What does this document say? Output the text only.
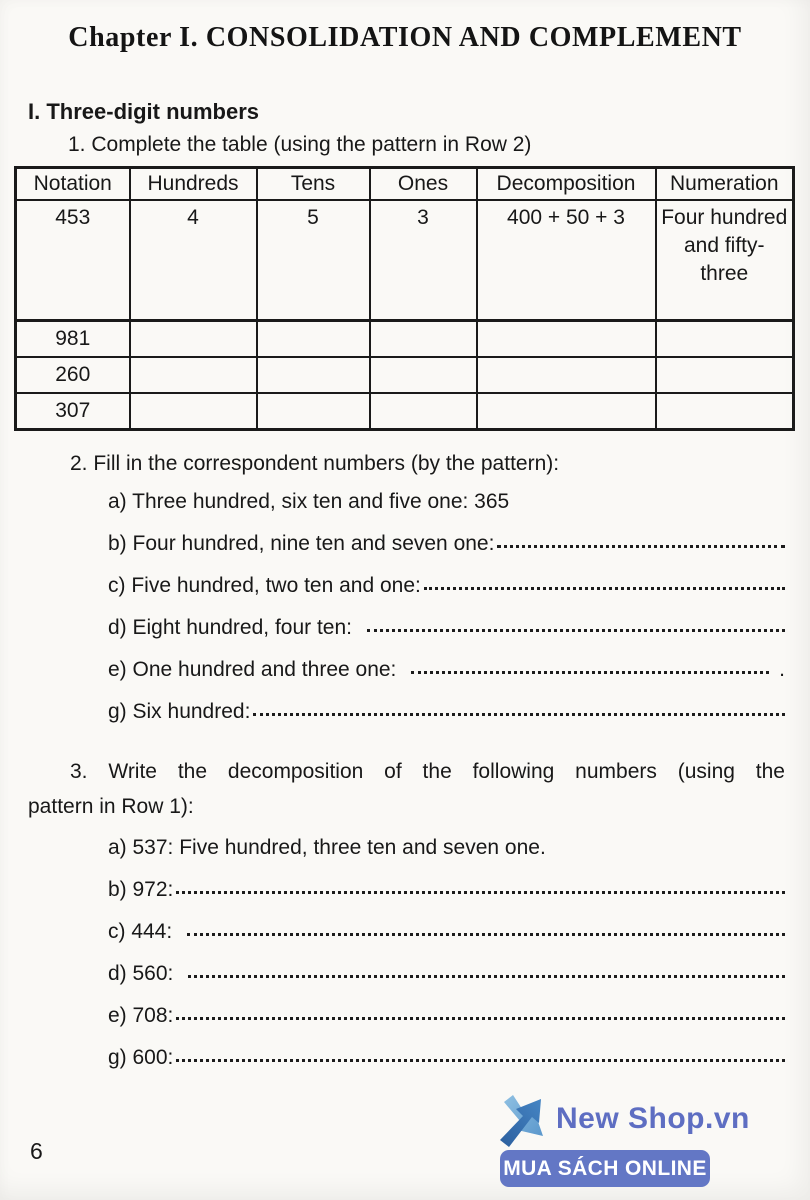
Chapter I. CONSOLIDATION AND COMPLEMENT
I. Three-digit numbers
1. Complete the table (using the pattern in Row 2)
Notation	Hundreds	Tens	Ones	Decomposition	Numeration
453	4	5	3	400 + 50 + 3	Four hundred and fifty-three
981					
260					
307					
2. Fill in the correspondent numbers (by the pattern):
a) Three hundred, six ten and five one: 365
b) Four hundred, nine ten and seven one:
c) Five hundred, two ten and one:
d) Eight hundred, four ten:
e) One hundred and three one:	.
g) Six hundred:
3. Write the decomposition of the following numbers (using the
pattern in Row 1):
a) 537: Five hundred, three ten and seven one.
b) 972:
c) 444:
d) 560:
e) 708:
g) 600:
6
New Shop.vn
MUA SÁCH ONLINE
